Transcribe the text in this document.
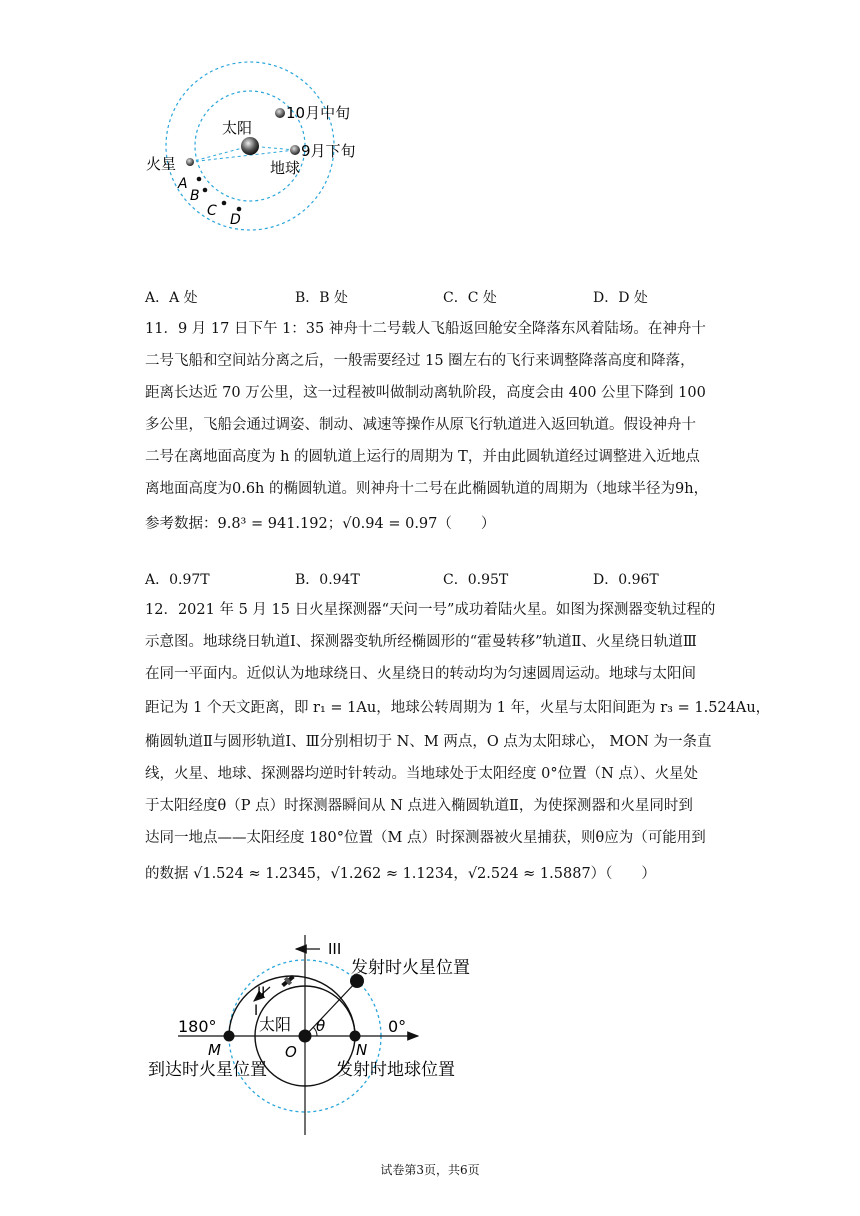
10月中旬
太阳
9月下旬
地球
火星
A
B
C
D
A．A 处	B．B 处	C．C 处	D．D 处
11．9 月 17 日下午 1：35 神舟十二号载人飞船返回舱安全降落东风着陆场。在神舟十
二号飞船和空间站分离之后，一般需要经过 15 圈左右的飞行来调整降落高度和降落，
距离长达近 70 万公里，这一过程被叫做制动离轨阶段，高度会由 400 公里下降到 100
多公里，飞船会通过调姿、制动、减速等操作从原飞行轨道进入返回轨道。假设神舟十
二号在离地面高度为 h 的圆轨道上运行的周期为 T，并由此圆轨道经过调整进入近地点
离地面高度为0.6h 的椭圆轨道。则神舟十二号在此椭圆轨道的周期为（地球半径为9h，
参考数据：9.8³ = 941.192；√0.94 = 0.97（　　）
A．0.97T	B．0.94T	C．0.95T	D．0.96T
12．2021 年 5 月 15 日火星探测器“天问一号”成功着陆火星。如图为探测器变轨过程的
示意图。地球绕日轨道Ⅰ、探测器变轨所经椭圆形的“霍曼转移”轨道Ⅱ、火星绕日轨道Ⅲ
在同一平面内。近似认为地球绕日、火星绕日的转动均为匀速圆周运动。地球与太阳间
距记为 1 个天文距离，即 r₁ = 1Au，地球公转周期为 1 年，火星与太阳间距为 r₃ = 1.524Au，
椭圆轨道Ⅱ与圆形轨道Ⅰ、Ⅲ分别相切于 N、M 两点，O 点为太阳球心， MON 为一条直
线，火星、地球、探测器均逆时针转动。当地球处于太阳经度 0°位置（N 点）、火星处
于太阳经度θ（P 点）时探测器瞬间从 N 点进入椭圆轨道Ⅱ，为使探测器和火星同时到
达同一地点——太阳经度 180°位置（M 点）时探测器被火星捕获，则θ应为（可能用到
的数据 √1.524 ≈ 1.2345，√1.262 ≈ 1.1234，√2.524 ≈ 1.5887）（　　）
III
发射时火星位置
II
I
180°	太阳 θ	0°
M	O	N
到达时火星位置	发射时地球位置
试卷第3页，共6页
